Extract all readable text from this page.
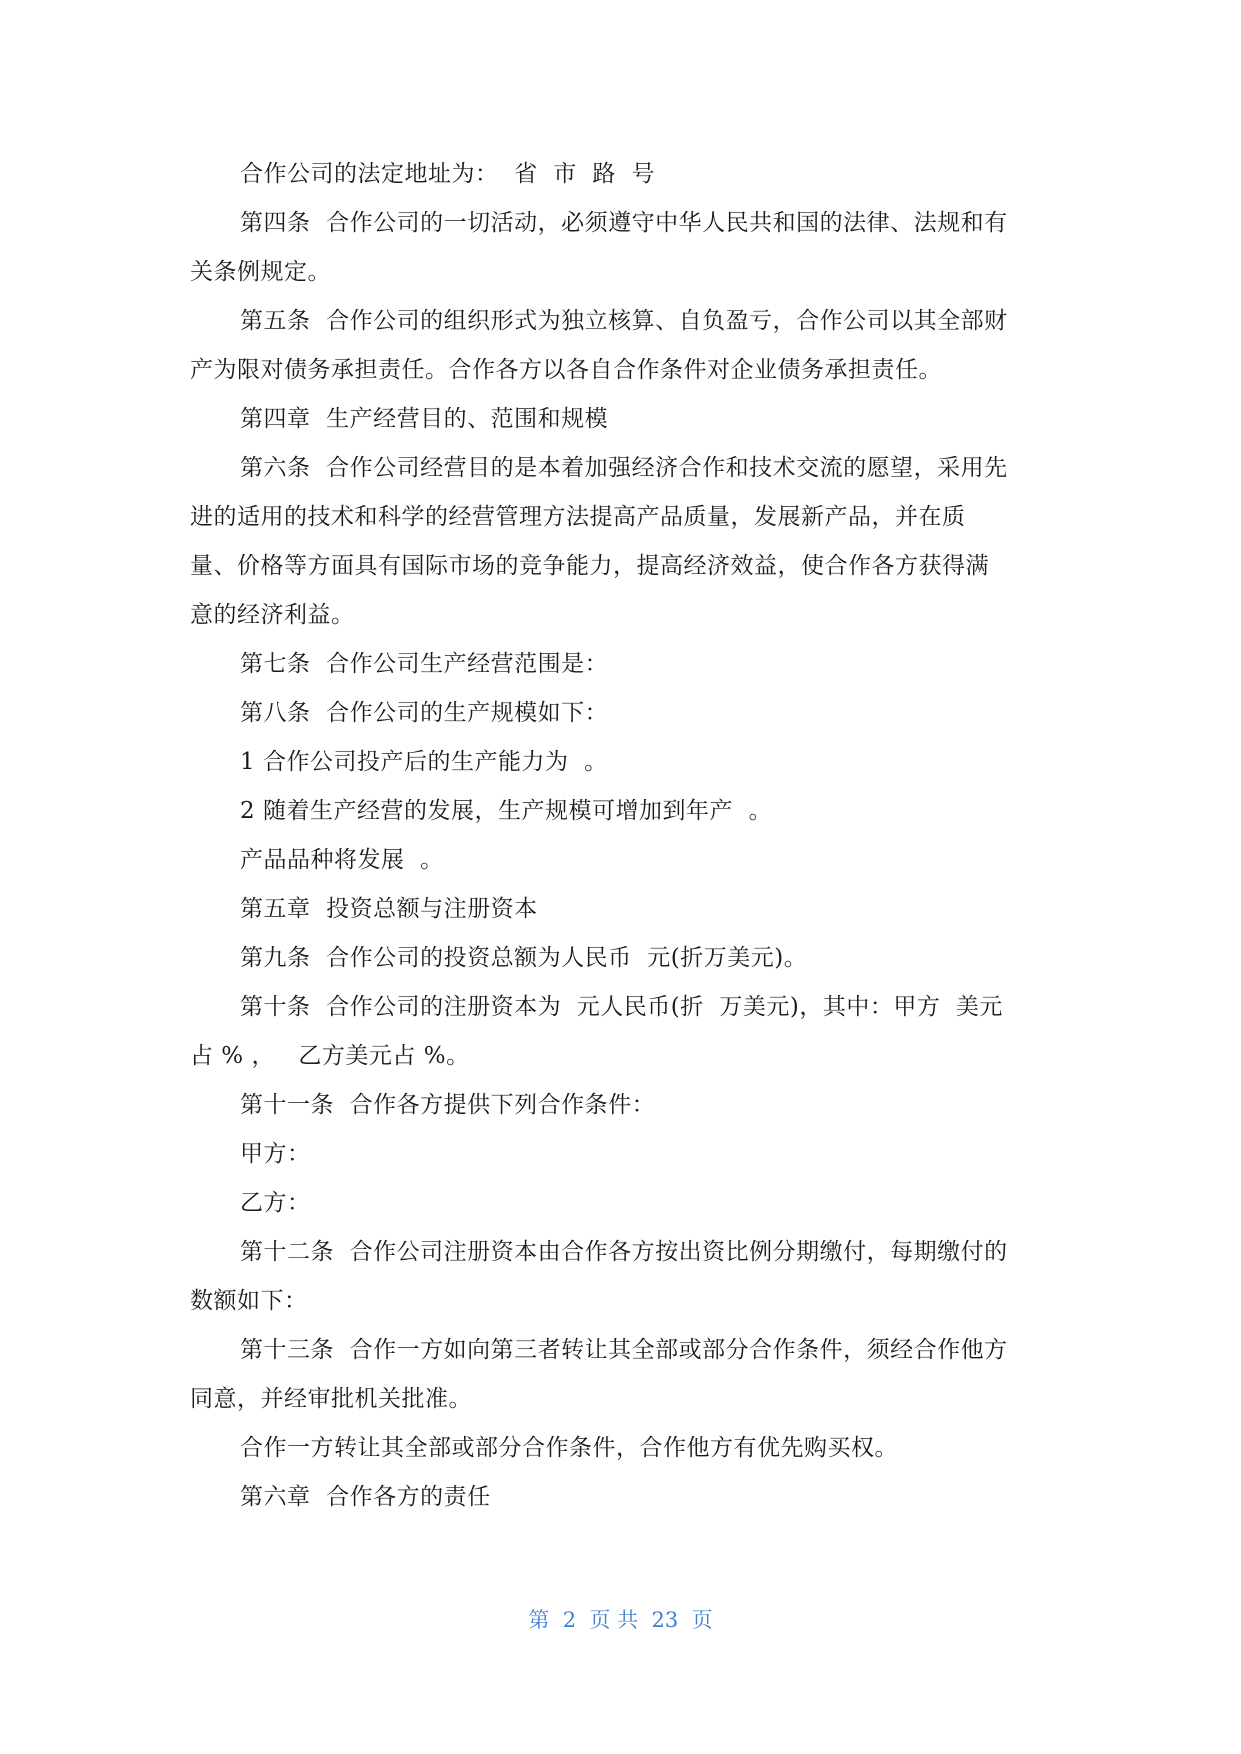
合作公司的法定地址为：  省  市  路  号
第四条  合作公司的一切活动，必须遵守中华人民共和国的法律、法规和有
关条例规定。
第五条  合作公司的组织形式为独立核算、自负盈亏，合作公司以其全部财
产为限对债务承担责任。合作各方以各自合作条件对企业债务承担责任。
第四章  生产经营目的、范围和规模
第六条  合作公司经营目的是本着加强经济合作和技术交流的愿望，采用先
进的适用的技术和科学的经营管理方法提高产品质量，发展新产品，并在质
量、价格等方面具有国际市场的竞争能力，提高经济效益，使合作各方获得满
意的经济利益。
第七条  合作公司生产经营范围是：
第八条  合作公司的生产规模如下：
1 合作公司投产后的生产能力为  。
2 随着生产经营的发展，生产规模可增加到年产  。
产品品种将发展  。
第五章  投资总额与注册资本
第九条  合作公司的投资总额为人民币  元(折万美元)。
第十条  合作公司的注册资本为  元人民币(折  万美元)，其中：甲方  美元
占 % ，   乙方美元占 %。
第十一条  合作各方提供下列合作条件：
甲方：
乙方：
第十二条  合作公司注册资本由合作各方按出资比例分期缴付，每期缴付的
数额如下：
第十三条  合作一方如向第三者转让其全部或部分合作条件，须经合作他方
同意，并经审批机关批准。
合作一方转让其全部或部分合作条件，合作他方有优先购买权。
第六章  合作各方的责任
第  2  页 共  23  页
